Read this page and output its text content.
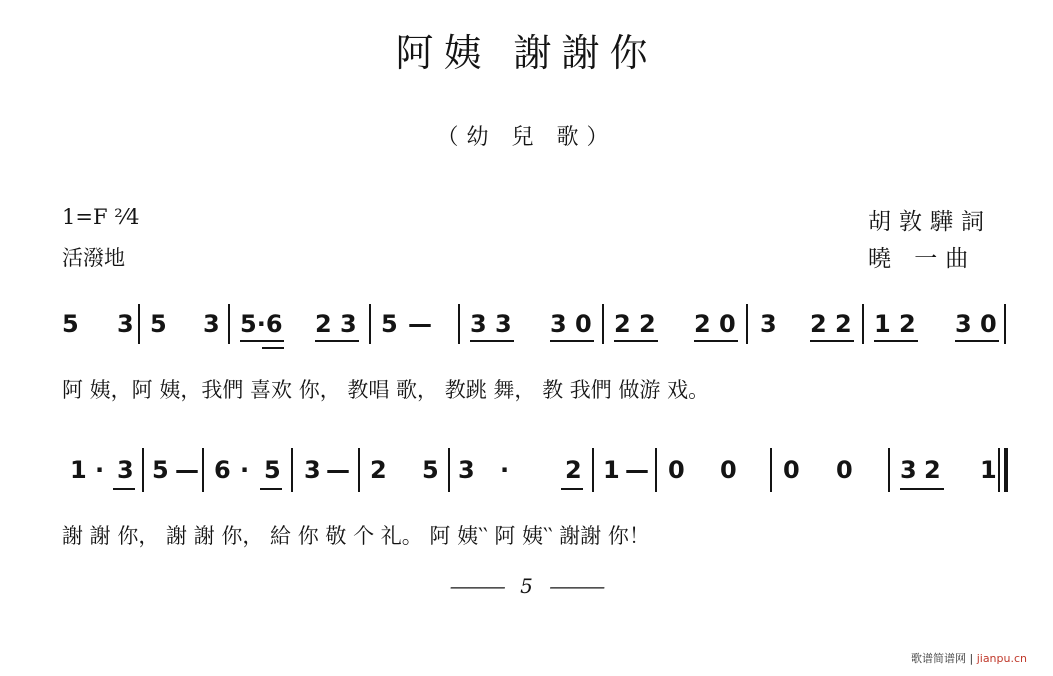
阿姨 謝謝你
（幼 兒 歌）
1=F ²⁄4
活潑地
胡敦驊詞
曉 一曲
5 3 5 3 5·6 2 3 5 — 3 3 3 0 2 2 2 0 3 2 2 1 2 3 0
阿 姨，阿 姨，我們 喜欢 你， 教唱 歌， 教跳 舞， 教 我們 做游 戏。
1 · 3 5 — 6 · 5 3 — 2 5 3 · 2 1 — 0 0 0 0 3 2 1
謝 謝 你， 謝 謝 你， 給 你 敬 个 礼。 阿 姨‵‵ 阿 姨‵‵ 謝謝 你！
——— 5 ———
歌谱简谱网 | jianpu.cn
